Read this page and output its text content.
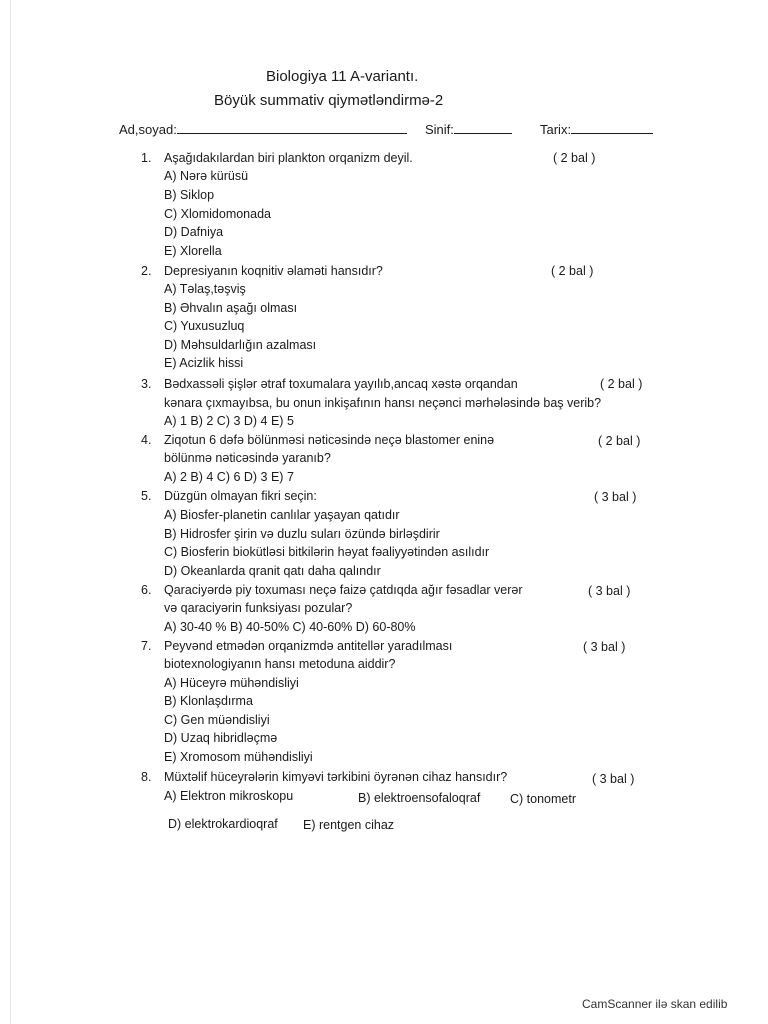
Biologiya 11 A-variantı.
Böyük summativ qiymətləndirmə-2
Ad,soyad:	Sinif:	Tarix:
1. Aşağıdakılardan biri plankton orqanizm deyil.	( 2 bal )
A) Nərə kürüsü
B) Siklop
C) Xlomidomonada
D) Dafniya
E) Xlorella
2. Depresiyanın koqnitiv əlaməti hansıdır?	( 2 bal )
A) Təlaş,təşviş
B) Əhvalın aşağı olması
C) Yuxusuzluq
D) Məhsuldarlığın azalması
E) Acizlik hissi
3. Bədxassəli şişlər ətraf toxumalara yayılıb,ancaq xəstə orqandan
kənara çıxmayıbsa, bu onun inkişafının hansı neçənci mərhələsində baş verib?
( 2 bal )
A) 1 B) 2 C) 3 D) 4 E) 5
4. Ziqotun 6 dəfə bölünməsi nəticəsində neçə blastomer eninə
bölünmə nəticəsində yaranıb?
( 2 bal )
A) 2 B) 4 C) 6 D) 3 E) 7
5. Düzgün olmayan fikri seçin:	( 3 bal )
A) Biosfer-planetin canlılar yaşayan qatıdır
B) Hidrosfer şirin və duzlu suları özündə birləşdirir
C) Biosferin biokütləsi bitkilərin həyat fəaliyyətindən asılıdır
D) Okeanlarda qranit qatı daha qalındır
6. Qaraciyərdə piy toxuması neçə faizə çatdıqda ağır fəsadlar verər
və qaraciyərin funksiyası pozular?
( 3 bal )
A) 30-40 % B) 40-50% C) 40-60% D) 60-80%
7. Peyvənd etmədən orqanizmdə antitellər yaradılması
biotexnologiyanın hansı metoduna aiddir?
( 3 bal )
A) Hüceyrə mühəndisliyi
B) Klonlaşdırma
C) Gen müəndisliyi
D) Uzaq hibridləçmə
E) Xromosom mühəndisliyi
8. Müxtəlif hüceyrələrin kimyəvi tərkibini öyrənən cihaz hansıdır?	( 3 bal )
A) Elektron mikroskopu	B) elektroensofaloqraf C) tonometr
D) elektrokardioqraf E) rentgen cihaz
CamScanner ilə skan edilib
